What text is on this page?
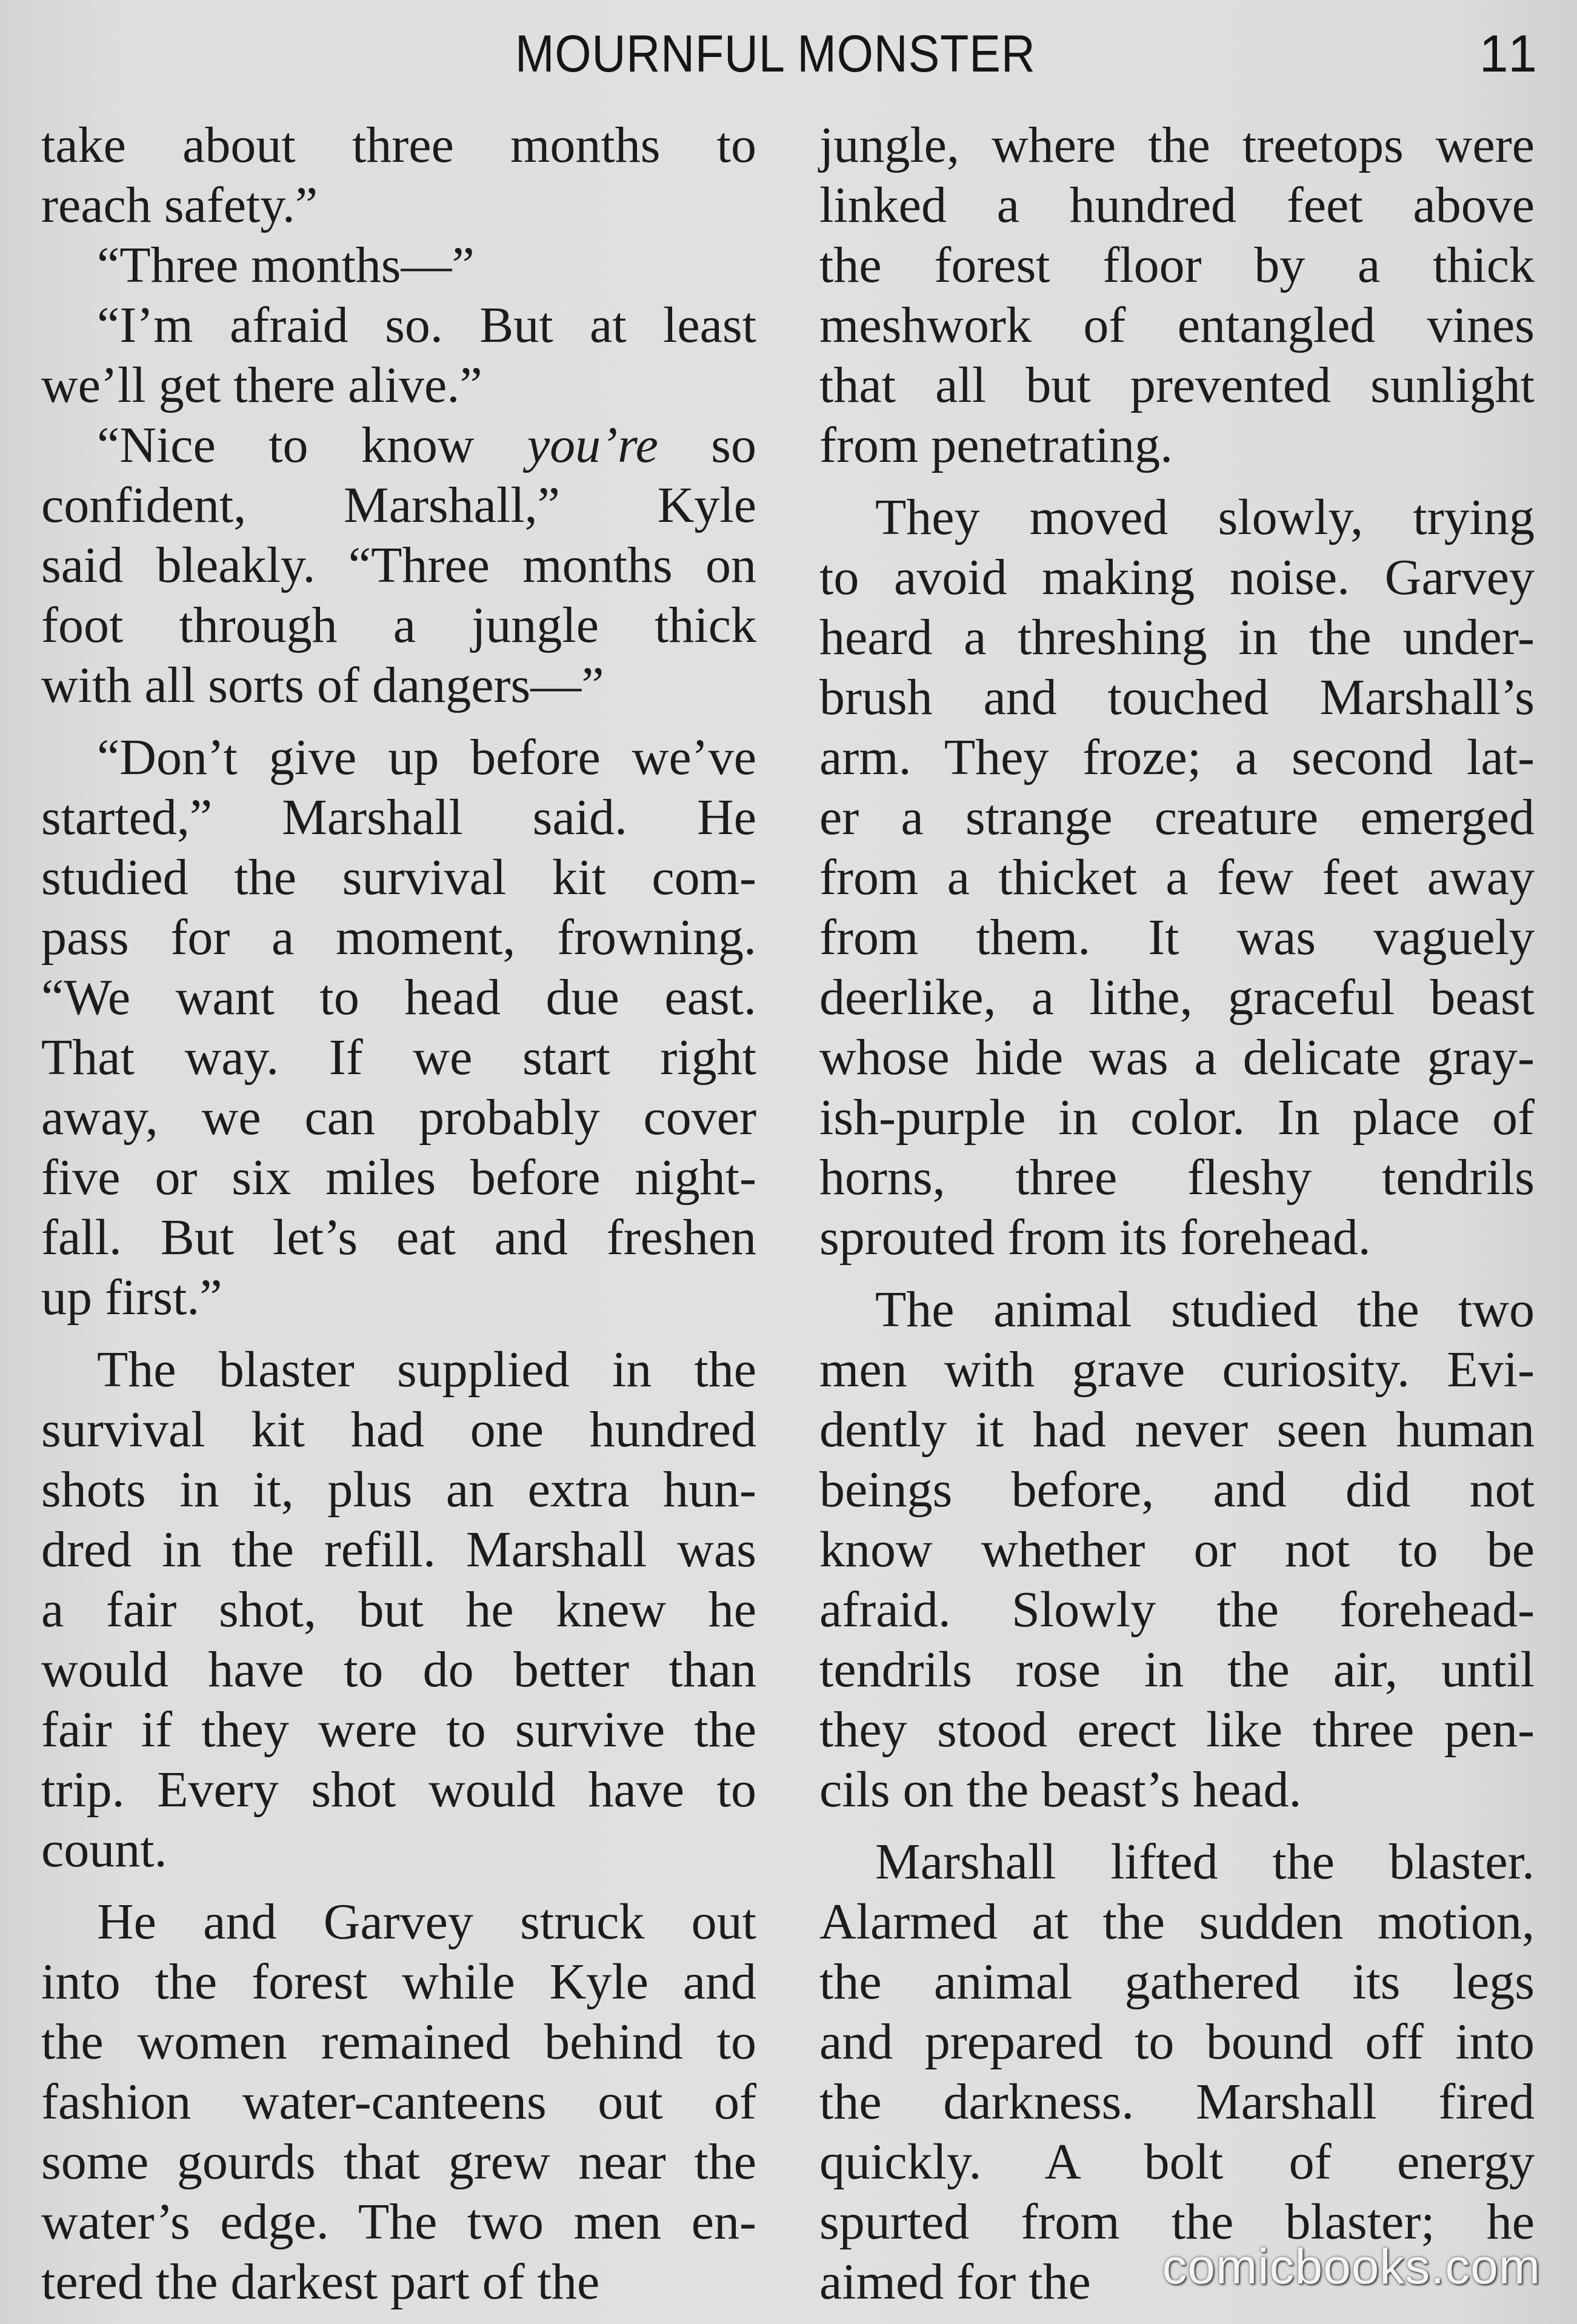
MOURNFUL MONSTER	11

take about three months to
reach safety.”

“Three months—”

“I’m afraid so. But at least
we’ll get there alive.”

“Nice to know you’re so
confident, Marshall,” Kyle
said bleakly. “Three months on
foot through a jungle thick
with all sorts of dangers—”

“Don’t give up before we’ve
started,” Marshall said. He
studied the survival kit com-
pass for a moment, frowning.
“We want to head due east.
That way. If we start right
away, we can probably cover
five or six miles before night-
fall. But let’s eat and freshen
up first.”

The blaster supplied in the
survival kit had one hundred
shots in it, plus an extra hun-
dred in the refill. Marshall was
a fair shot, but he knew he
would have to do better than
fair if they were to survive the
trip. Every shot would have to
count.

He and Garvey struck out
into the forest while Kyle and
the women remained behind to
fashion water-canteens out of
some gourds that grew near the
water’s edge. The two men en-
tered the darkest part of the

jungle, where the treetops were
linked a hundred feet above
the forest floor by a thick
meshwork of entangled vines
that all but prevented sunlight
from penetrating.

They moved slowly, trying
to avoid making noise. Garvey
heard a threshing in the under-
brush and touched Marshall’s
arm. They froze; a second lat-
er a strange creature emerged
from a thicket a few feet away
from them. It was vaguely
deerlike, a lithe, graceful beast
whose hide was a delicate gray-
ish-purple in color. In place of
horns, three fleshy tendrils
sprouted from its forehead.

The animal studied the two
men with grave curiosity. Evi-
dently it had never seen human
beings before, and did not
know whether or not to be
afraid. Slowly the forehead-
tendrils rose in the air, until
they stood erect like three pen-
cils on the beast’s head.

Marshall lifted the blaster.
Alarmed at the sudden motion,
the animal gathered its legs
and prepared to bound off into
the darkness. Marshall fired
quickly. A bolt of energy
spurted from the blaster; he
aimed for the	comicbooks.com
